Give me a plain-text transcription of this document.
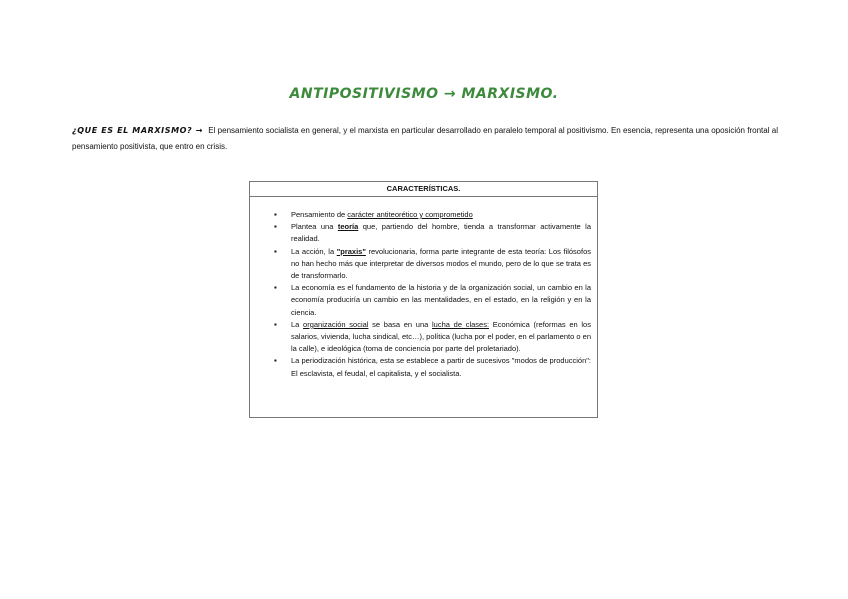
ANTIPOSITIVISMO → MARXISMO.
¿QUE ES EL MARXISMO? → El pensamiento socialista en general, y el marxista en particular desarrollado en paralelo temporal al positivismo. En esencia, representa una oposición frontal al pensamiento positivista, que entro en crisis.
CARACTERÍSTICAS.
▪ Pensamiento de carácter antiteorético y comprometido
▪ Plantea una teoría que, partiendo del hombre, tienda a transformar activamente la realidad.
▪ La acción, la "praxis" revolucionaria, forma parte integrante de esta teoría: Los filósofos no han hecho más que interpretar de diversos modos el mundo, pero de lo que se trata es de transformarlo.
▪ La economía es el fundamento de la historia y de la organización social, un cambio en la economía produciría un cambio en las mentalidades, en el estado, en la religión y en la ciencia.
▪ La organización social se basa en una lucha de clases: Económica (reformas en los salarios, vivienda, lucha sindical, etc…), política (lucha por el poder, en el parlamento o en la calle), e ideológica (toma de conciencia por parte del proletariado).
▪ La periodización histórica, esta se establece a partir de sucesivos "modos de producción": El esclavista, el feudal, el capitalista, y el socialista.
